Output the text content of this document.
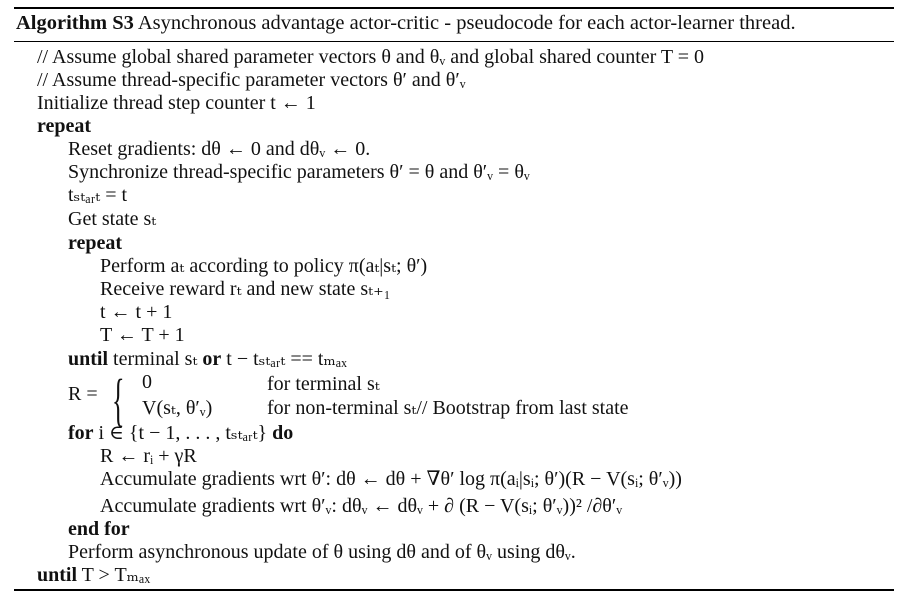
Algorithm S3 Asynchronous advantage actor-critic - pseudocode for each actor-learner thread.
// Assume global shared parameter vectors θ and θᵥ and global shared counter T = 0
// Assume thread-specific parameter vectors θ′ and θ′ᵥ
Initialize thread step counter t ← 1
repeat
Reset gradients: dθ ← 0 and dθᵥ ← 0.
Synchronize thread-specific parameters θ′ = θ and θ′ᵥ = θᵥ
tₛₜₐᵣₜ = t
Get state sₜ
repeat
Perform aₜ according to policy π(aₜ|sₜ; θ′)
Receive reward rₜ and new state sₜ₊₁
t ← t + 1
T ← T + 1
until terminal sₜ or t − tₛₜₐᵣₜ == tₘₐₓ
R = { 0	for terminal sₜ
V(sₜ, θ′ᵥ)	for non-terminal sₜ// Bootstrap from last state
for i ∈ {t − 1, . . . , tₛₜₐᵣₜ} do
R ← rᵢ + γR
Accumulate gradients wrt θ′: dθ ← dθ + ∇θ′ log π(aᵢ|sᵢ; θ′)(R − V(sᵢ; θ′ᵥ))
Accumulate gradients wrt θ′ᵥ: dθᵥ ← dθᵥ + ∂ (R − V(sᵢ; θ′ᵥ))² /∂θ′ᵥ
end for
Perform asynchronous update of θ using dθ and of θᵥ using dθᵥ.
until T > Tₘₐₓ
